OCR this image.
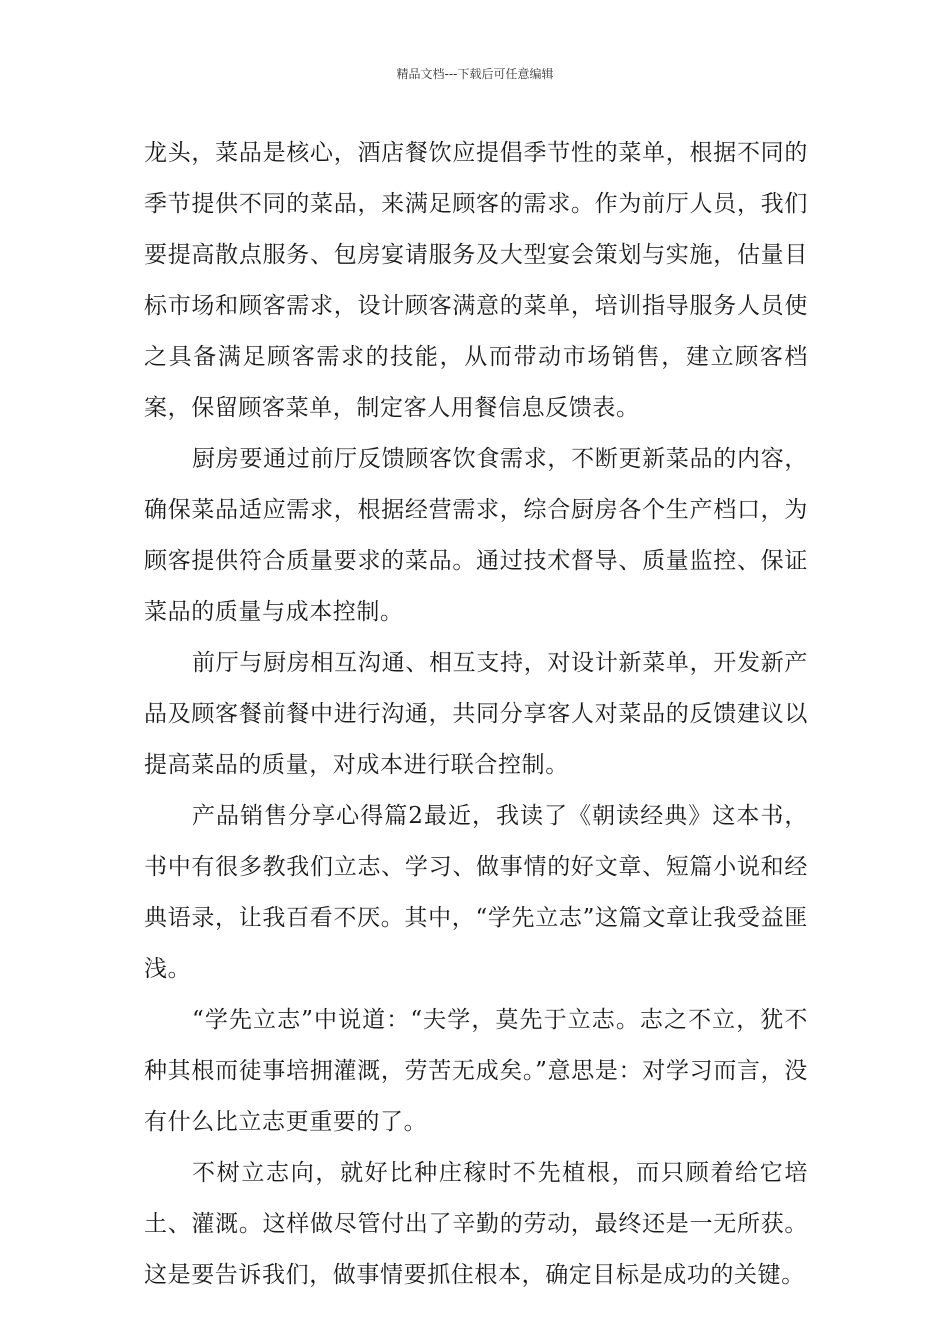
精品文档---下载后可任意编辑

龙头，菜品是核心，酒店餐饮应提倡季节性的菜单，根据不同的季节提供不同的菜品，来满足顾客的需求。作为前厅人员，我们要提高散点服务、包房宴请服务及大型宴会策划与实施，估量目标市场和顾客需求，设计顾客满意的菜单，培训指导服务人员使之具备满足顾客需求的技能，从而带动市场销售，建立顾客档案，保留顾客菜单，制定客人用餐信息反馈表。

厨房要通过前厅反馈顾客饮食需求，不断更新菜品的内容，确保菜品适应需求，根据经营需求，综合厨房各个生产档口，为顾客提供符合质量要求的菜品。通过技术督导、质量监控、保证菜品的质量与成本控制。

前厅与厨房相互沟通、相互支持，对设计新菜单，开发新产品及顾客餐前餐中进行沟通，共同分享客人对菜品的反馈建议以提高菜品的质量，对成本进行联合控制。

产品销售分享心得篇2最近，我读了《朝读经典》这本书，书中有很多教我们立志、学习、做事情的好文章、短篇小说和经典语录，让我百看不厌。其中，“学先立志”这篇文章让我受益匪浅。

“学先立志”中说道：“夫学，莫先于立志。志之不立，犹不种其根而徒事培拥灌溉，劳苦无成矣。”意思是：对学习而言，没有什么比立志更重要的了。

不树立志向，就好比种庄稼时不先植根，而只顾着给它培土、灌溉。这样做尽管付出了辛勤的劳动，最终还是一无所获。这是要告诉我们，做事情要抓住根本，确定目标是成功的关键。
